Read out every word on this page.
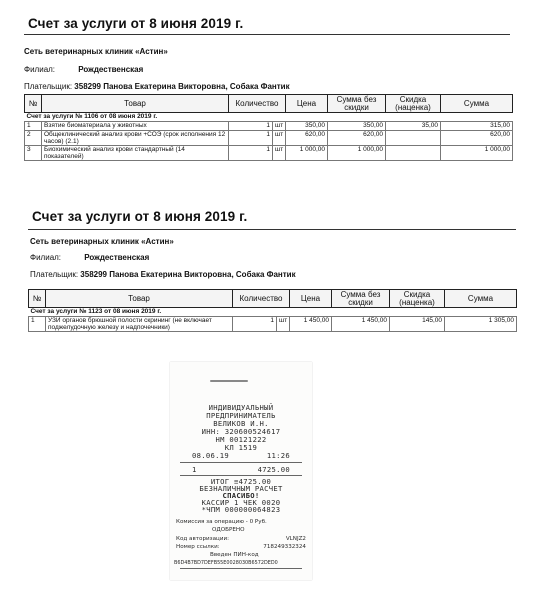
Счет за услуги от 8 июня 2019 г.
Сеть ветеринарных клиник «Астин»
Филиал:	Рождественская
Плательщик: 358299 Панова Екатерина Викторовна, Собака Фантик
№	Товар	Количество		Цена	Сумма без скидки	Скидка (наценка)	Сумма
Счет за услуги № 1106 от 08 июня 2019 г.							
1	Взятие биоматериала у животных	1	шт	350,00	350,00	35,00	315,00
2	Общеклинический анализ крови +СОЭ (срок исполнения 12 часов) (2.1)	1	шт	620,00	620,00		620,00
3	Биохимический анализ крови стандартный (14 показателей)	1	шт	1 000,00	1 000,00		1 000,00
Счет за услуги от 8 июня 2019 г.
Сеть ветеринарных клиник «Астин»
Филиал:	Рождественская
Плательщик: 358299 Панова Екатерина Викторовна, Собака Фантик
№	Товар	Количество		Цена	Сумма без скидки	Скидка (наценка)	Сумма
Счет за услуги № 1123 от 08 июня 2019 г.							
1	УЗИ органов брюшной полости скрининг (не включает поджелудочную железу и надпочечники)	1	шт	1 450,00	1 450,00	145,00	1 305,00
ИНДИВИДУАЛЬНЫЙ
ПРЕДПРИНИМАТЕЛЬ
ВЕЛИКОВ И.Н.
ИНН: 320600524617
НМ 00121222
КЛ 1519
08.06.19	11:26
1	4725.00
ИТОГ ≡4725.00
БЕЗНАЛИЧНЫМ РАСЧЕТ
СПАСИБО!
КАССИР 1 ЧЕК 0020
*ЧПМ 000000064823
Комиссия за операцию - 0 Руб.
ОДОБРЕНО
Код авторизации:	VLNJZ2
Номер ссылки:	718249332324
Введен ПИН-код
B6D4B7BD7DEFB55E0028030B6572DED0
